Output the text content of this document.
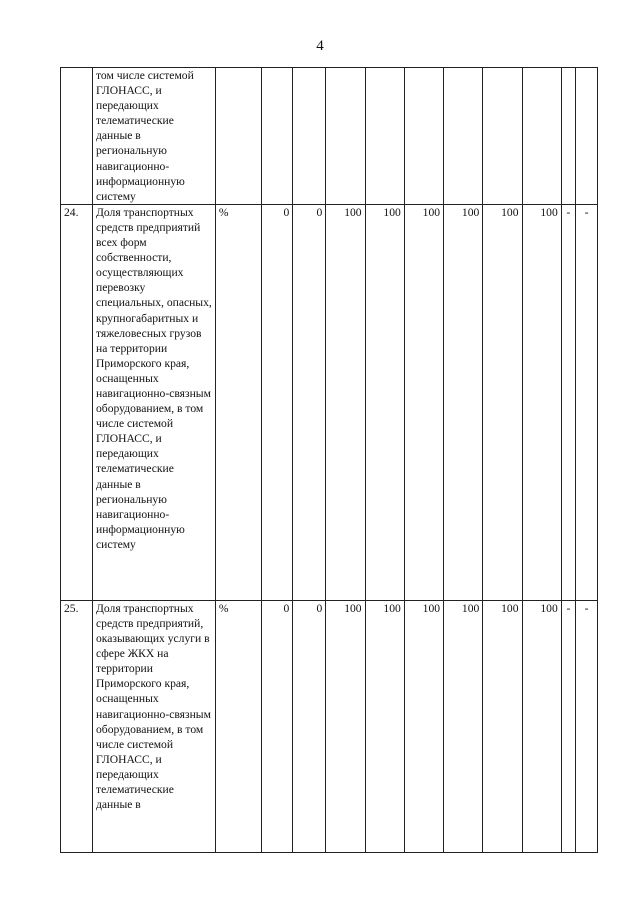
4
	том числе системой ГЛОНАСС, и передающих телематические данные в региональную навигационно-информационную систему											
24.	Доля транспортных средств предприятий всех форм собственности, осуществляющих перевозку специальных, опасных, крупногабаритных и тяжеловесных грузов на территории Приморского края, оснащенных навигационно-связным оборудованием, в том числе системой ГЛОНАСС, и передающих телематические данные в региональную навигационно-информационную систему	%	0	0	100	100	100	100	100	100	-	-
25.	Доля транспортных средств предприятий, оказывающих услуги в сфере ЖКХ на территории Приморского края, оснащенных навигационно-связным оборудованием, в том числе системой ГЛОНАСС, и передающих телематические данные в	%	0	0	100	100	100	100	100	100	-	-
